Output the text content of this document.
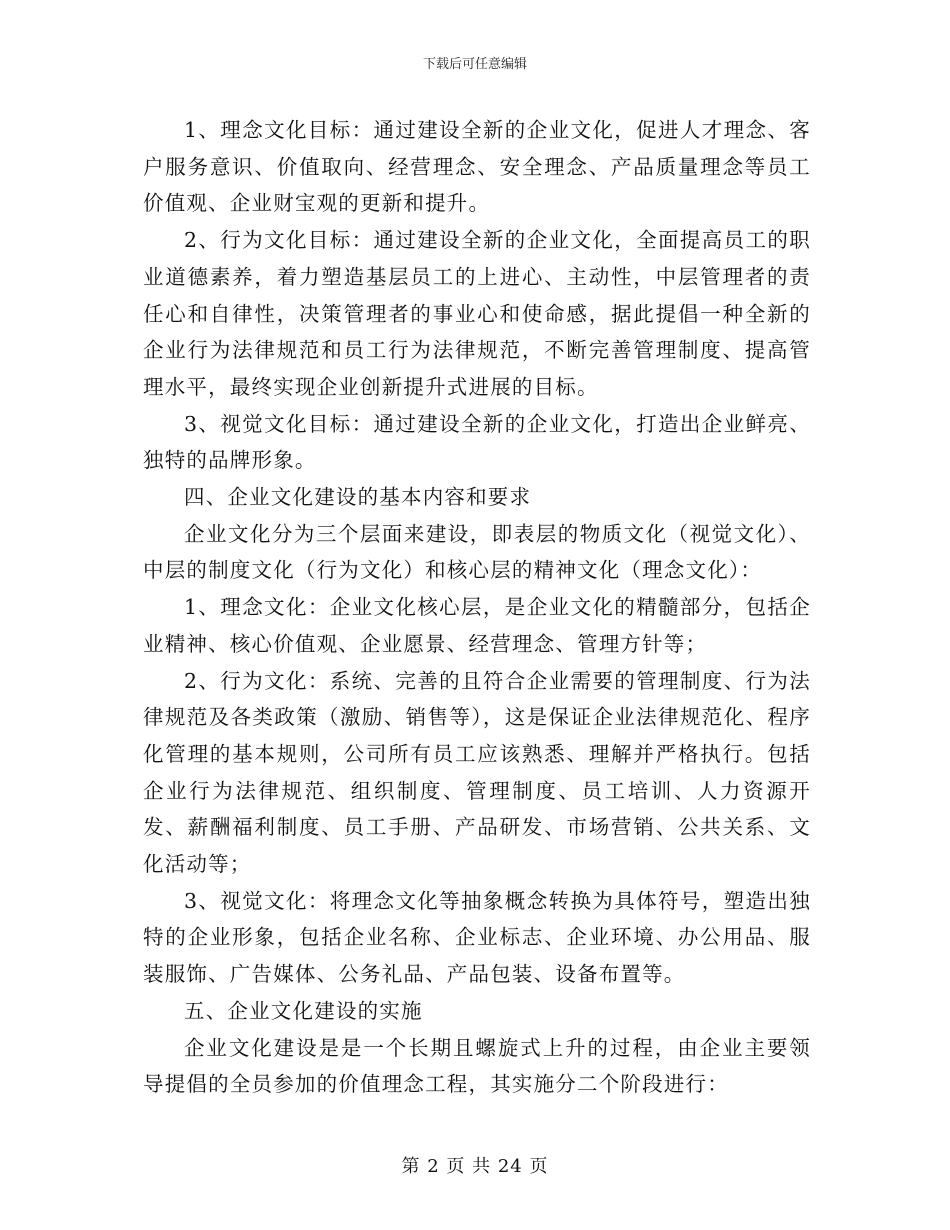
下载后可任意编辑

1、理念文化目标：通过建设全新的企业文化，促进人才理念、客户服务意识、价值取向、经营理念、安全理念、产品质量理念等员工价值观、企业财宝观的更新和提升。

2、行为文化目标：通过建设全新的企业文化，全面提高员工的职业道德素养，着力塑造基层员工的上进心、主动性，中层管理者的责任心和自律性，决策管理者的事业心和使命感，据此提倡一种全新的企业行为法律规范和员工行为法律规范，不断完善管理制度、提高管理水平，最终实现企业创新提升式进展的目标。

3、视觉文化目标：通过建设全新的企业文化，打造出企业鲜亮、独特的品牌形象。

四、企业文化建设的基本内容和要求

企业文化分为三个层面来建设，即表层的物质文化（视觉文化）、中层的制度文化（行为文化）和核心层的精神文化（理念文化）：

1、理念文化：企业文化核心层，是企业文化的精髓部分，包括企业精神、核心价值观、企业愿景、经营理念、管理方针等；

2、行为文化：系统、完善的且符合企业需要的管理制度、行为法律规范及各类政策（激励、销售等），这是保证企业法律规范化、程序化管理的基本规则，公司所有员工应该熟悉、理解并严格执行。包括企业行为法律规范、组织制度、管理制度、员工培训、人力资源开发、薪酬福利制度、员工手册、产品研发、市场营销、公共关系、文化活动等；

3、视觉文化：将理念文化等抽象概念转换为具体符号，塑造出独特的企业形象，包括企业名称、企业标志、企业环境、办公用品、服装服饰、广告媒体、公务礼品、产品包装、设备布置等。

五、企业文化建设的实施

企业文化建设是是一个长期且螺旋式上升的过程，由企业主要领导提倡的全员参加的价值理念工程，其实施分二个阶段进行：

第 2 页 共 24 页
